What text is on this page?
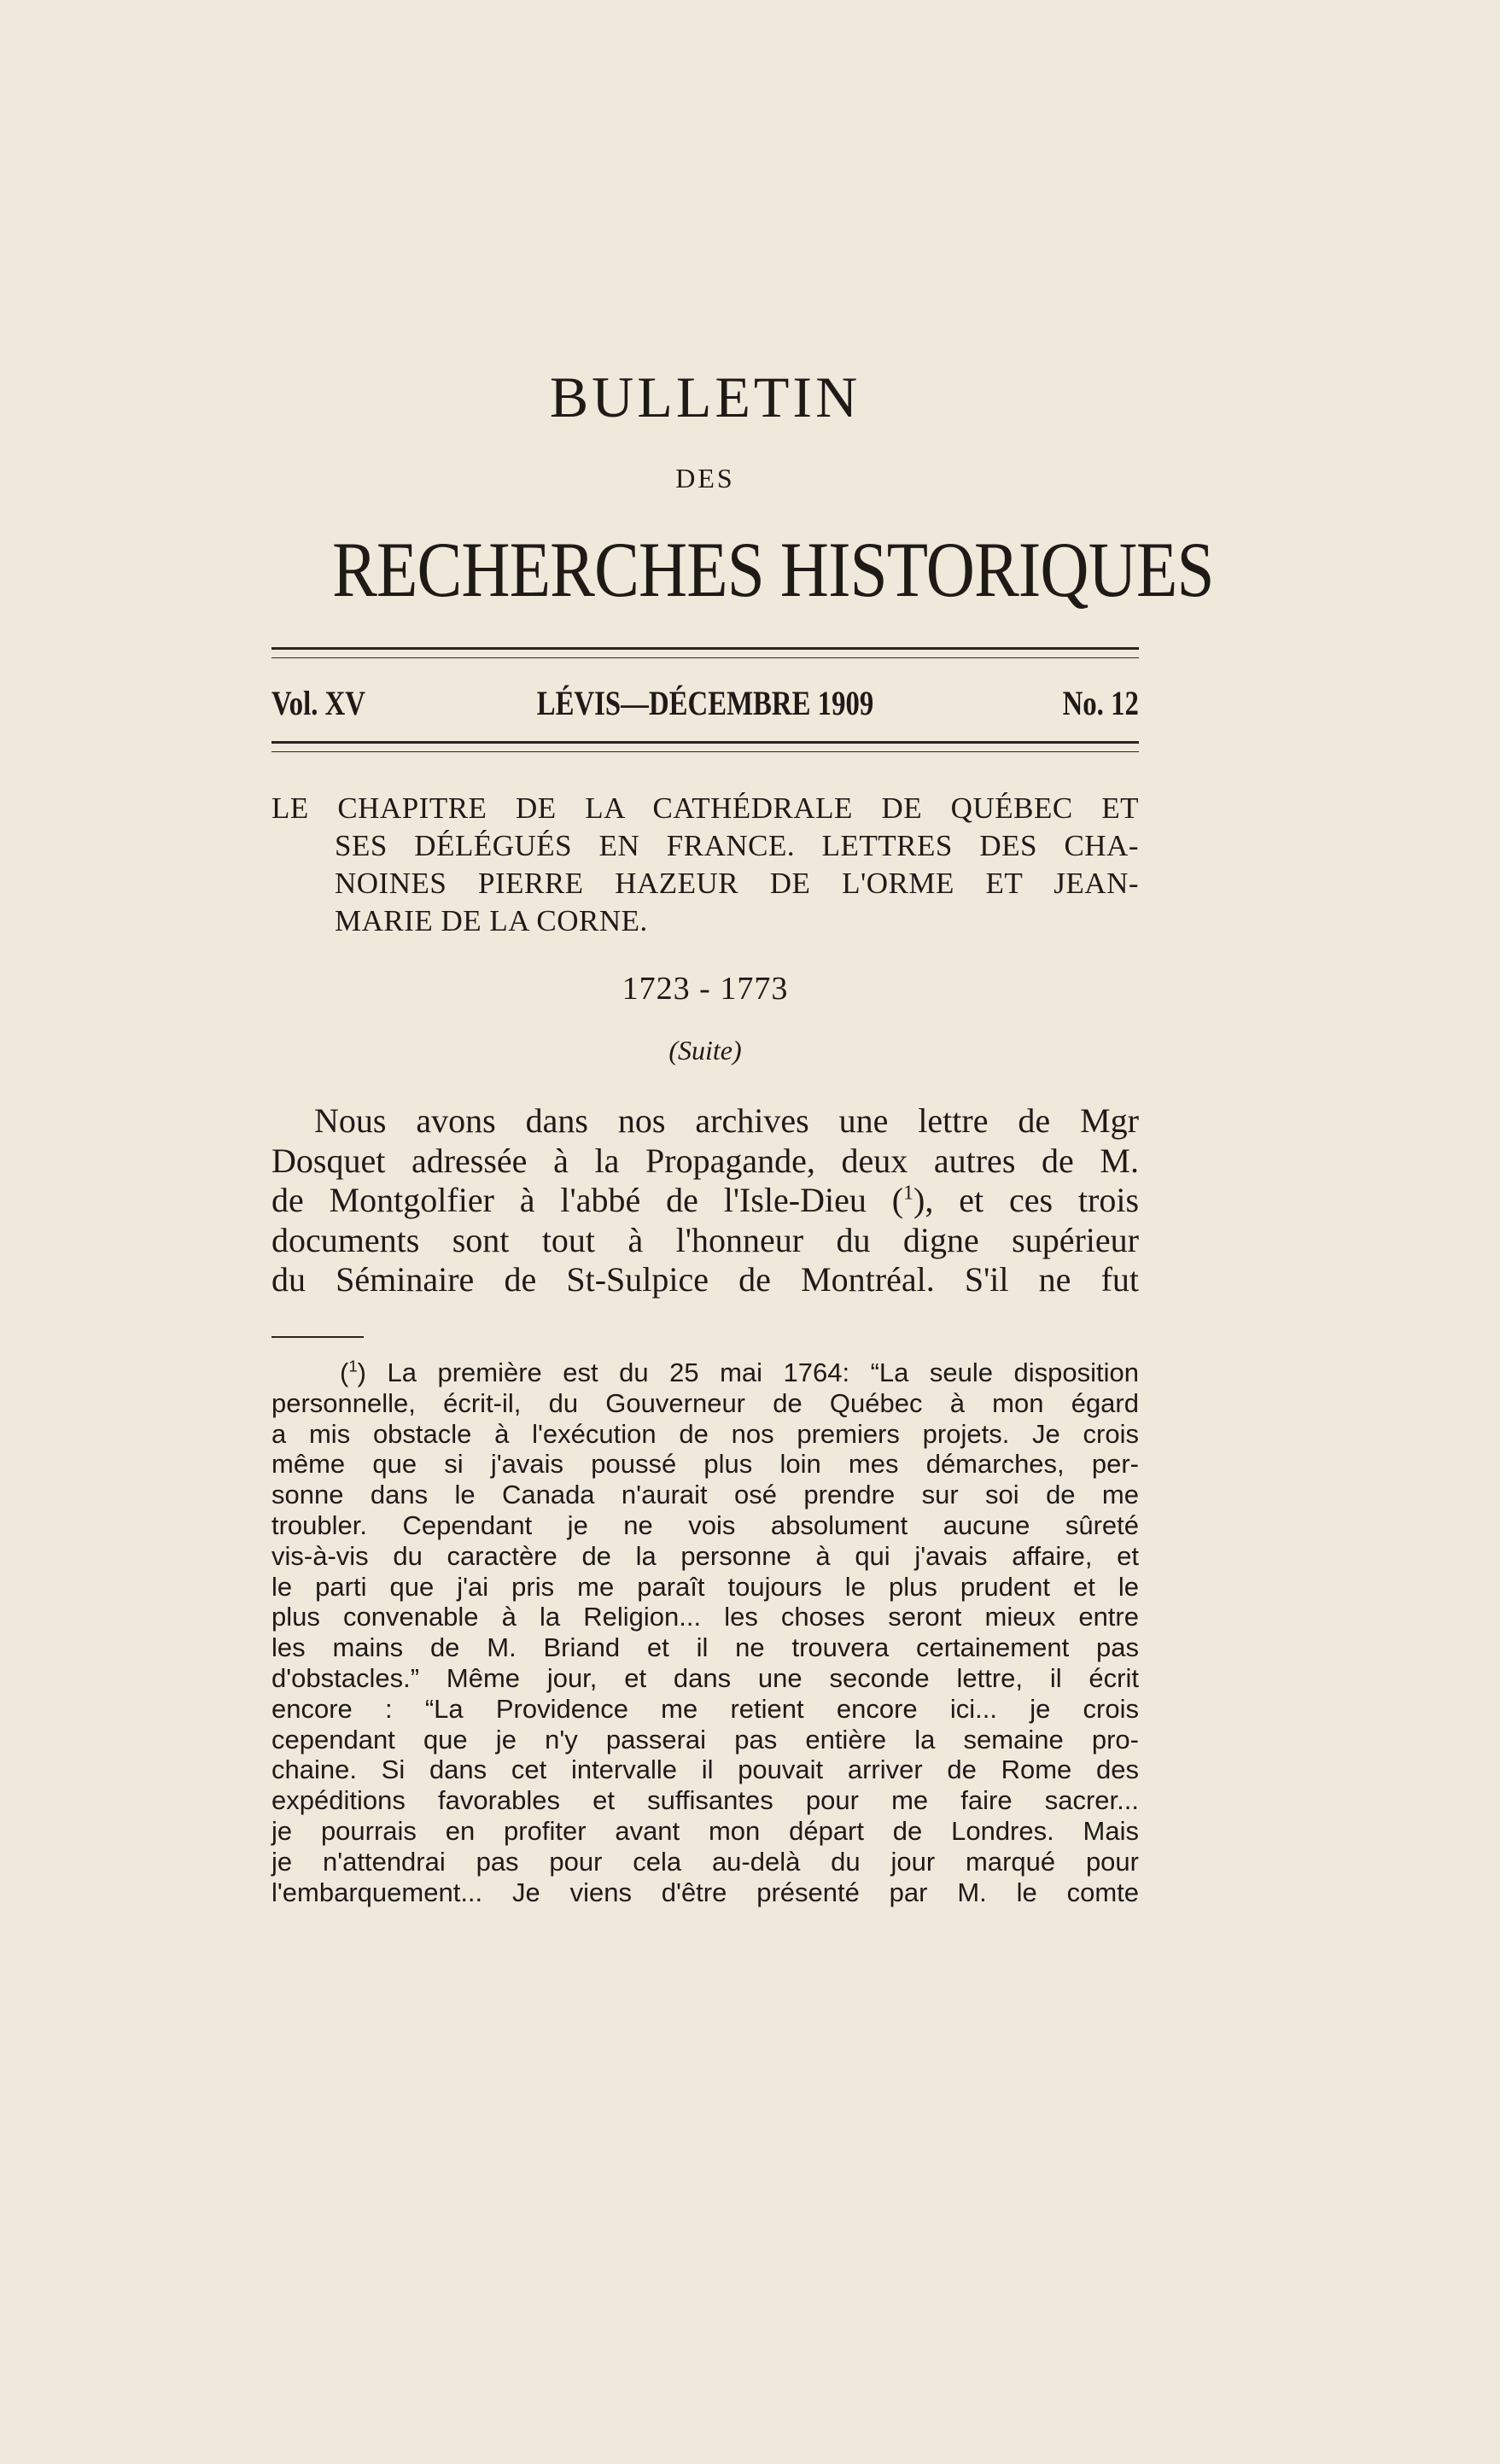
BULLETIN
DES
RECHERCHES HISTORIQUES
Vol. XV	LÉVIS—DÉCEMBRE 1909	No. 12
LE CHAPITRE DE LA CATHÉDRALE DE QUÉBEC ET
SES DÉLÉGUÉS EN FRANCE. LETTRES DES CHA-
NOINES PIERRE HAZEUR DE L'ORME ET JEAN-
MARIE DE LA CORNE.
1723 - 1773
(Suite)
Nous avons dans nos archives une lettre de Mgr
Dosquet adressée à la Propagande, deux autres de M.
de Montgolfier à l'abbé de l'Isle-Dieu ($^1$), et ces trois
documents sont tout à l'honneur du digne supérieur
du Séminaire de St-Sulpice de Montréal. S'il ne fut
($^1$) La première est du 25 mai 1764: “La seule disposition
personnelle, écrit-il, du Gouverneur de Québec à mon égard
a mis obstacle à l'exécution de nos premiers projets. Je crois
même que si j'avais poussé plus loin mes démarches, per-
sonne dans le Canada n'aurait osé prendre sur soi de me
troubler. Cependant je ne vois absolument aucune sûreté
vis-à-vis du caractère de la personne à qui j'avais affaire, et
le parti que j'ai pris me paraît toujours le plus prudent et le
plus convenable à la Religion... les choses seront mieux entre
les mains de M. Briand et il ne trouvera certainement pas
d'obstacles.” Même jour, et dans une seconde lettre, il écrit
encore : “La Providence me retient encore ici... je crois
cependant que je n'y passerai pas entière la semaine pro-
chaine. Si dans cet intervalle il pouvait arriver de Rome des
expéditions favorables et suffisantes pour me faire sacrer...
je pourrais en profiter avant mon départ de Londres. Mais
je n'attendrai pas pour cela au-delà du jour marqué pour
l'embarquement... Je viens d'être présenté par M. le comte
